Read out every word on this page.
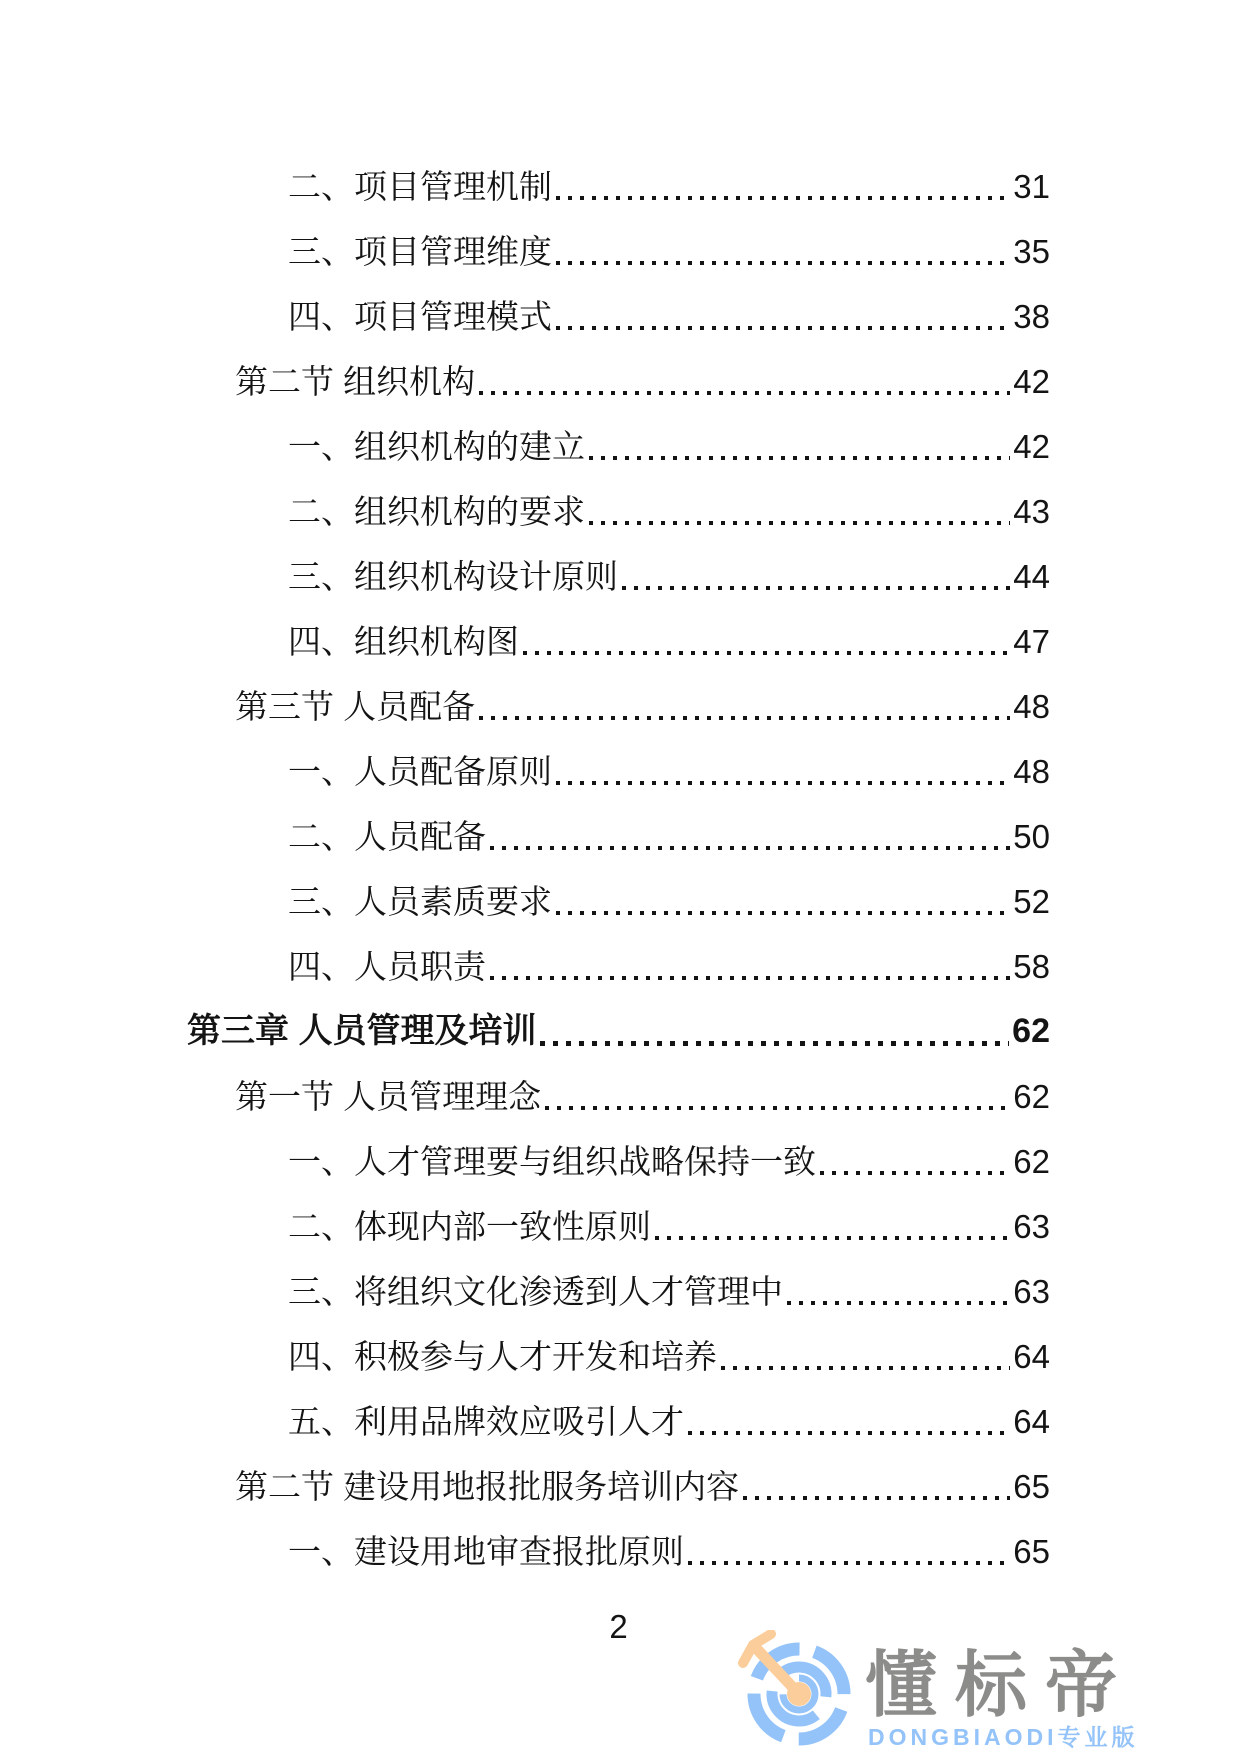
二、项目管理机制	31
三、项目管理维度	35
四、项目管理模式	38
第二节 组织机构	42
一、组织机构的建立	42
二、组织机构的要求	43
三、组织机构设计原则	44
四、组织机构图	47
第三节 人员配备	48
一、人员配备原则	48
二、人员配备	50
三、人员素质要求	52
四、人员职责	58
第三章 人员管理及培训	62
第一节 人员管理理念	62
一、人才管理要与组织战略保持一致	62
二、体现内部一致性原则	63
三、将组织文化渗透到人才管理中	63
四、积极参与人才开发和培养	64
五、利用品牌效应吸引人才	64
第二节 建设用地报批服务培训内容	65
一、建设用地审查报批原则	65
2
懂标帝
DONGBIAODI专业版
